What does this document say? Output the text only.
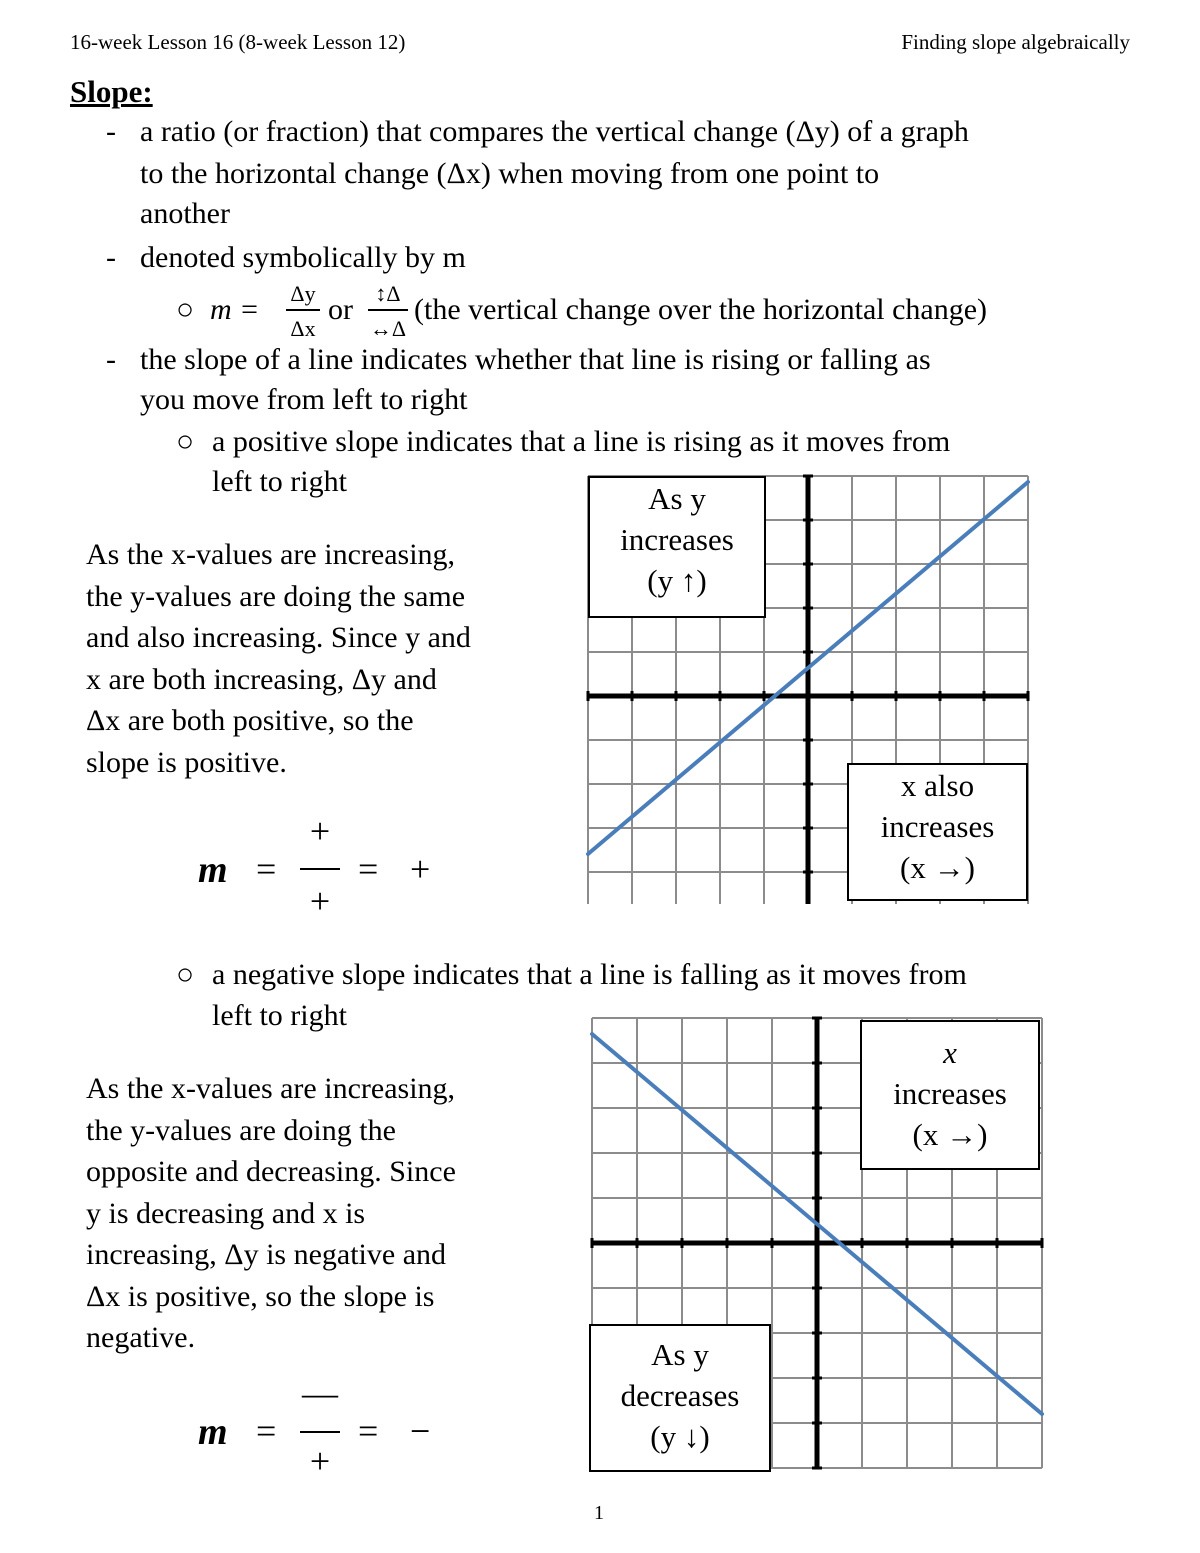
16-week Lesson 16 (8-week Lesson 12)	Finding slope algebraically
Slope:
- a ratio (or fraction) that compares the vertical change (Δy) of a graph
to the horizontal change (Δx) when moving from one point to
another
- denoted symbolically by m
○ m = Δy
Δx
or	↕Δ
↔Δ
(the vertical change over the horizontal change)
- the slope of a line indicates whether that line is rising or falling as
you move from left to right
○ a positive slope indicates that a line is rising as it moves from
left to right
As the x-values are increasing,
the y-values are doing the same
and also increasing. Since y and
x are both increasing, Δy and
Δx are both positive, so the
slope is positive.
m =
+
+
= +
As y
increases
(y ↑)
x also
increases
(x →)
○ a negative slope indicates that a line is falling as it moves from
left to right
As the x-values are increasing,
the y-values are doing the
opposite and decreasing. Since
y is decreasing and x is
increasing, Δy is negative and
Δx is positive, so the slope is
negative.
m =
—
+
= −
x
increases
(x →)
As y
decreases
(y ↓)
1
